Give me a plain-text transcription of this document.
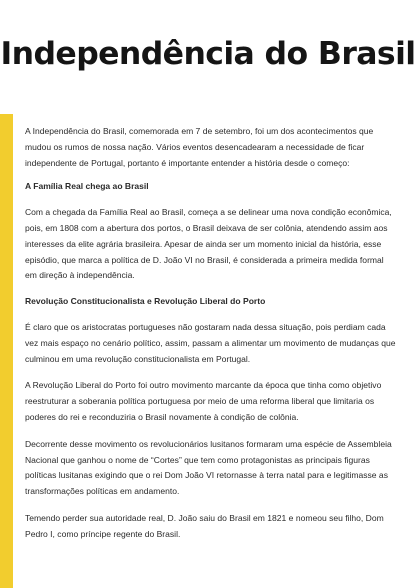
Independência do Brasil

A Independência do Brasil, comemorada em 7 de setembro, foi um dos acontecimentos que mudou os rumos de nossa nação. Vários eventos desencadearam a necessidade de ficar independente de Portugal, portanto é importante entender a história desde o começo:

A Família Real chega ao Brasil

Com a chegada da Família Real ao Brasil, começa a se delinear uma nova condição econômica, pois, em 1808 com a abertura dos portos, o Brasil deixava de ser colônia, atendendo assim aos interesses da elite agrária brasileira. Apesar de ainda ser um momento inicial da história, esse episódio, que marca a política de D. João VI no Brasil, é considerada a primeira medida formal em direção à independência.

Revolução Constitucionalista e Revolução Liberal do Porto

É claro que os aristocratas portugueses não gostaram nada dessa situação, pois perdiam cada vez mais espaço no cenário político, assim, passam a alimentar um movimento de mudanças que culminou em uma revolução constitucionalista em Portugal.

A Revolução Liberal do Porto foi outro movimento marcante da época que tinha como objetivo reestruturar a soberania política portuguesa por meio de uma reforma liberal que limitaria os poderes do rei e reconduziria o Brasil novamente à condição de colônia.

Decorrente desse movimento os revolucionários lusitanos formaram uma espécie de Assembleia Nacional que ganhou o nome de “Cortes” que tem como protagonistas as principais figuras políticas lusitanas exigindo que o rei Dom João VI retornasse à terra natal para e legitimasse as transformações políticas em andamento.

Temendo perder sua autoridade real, D. João saiu do Brasil em 1821 e nomeou seu filho, Dom Pedro I, como príncipe regente do Brasil.
